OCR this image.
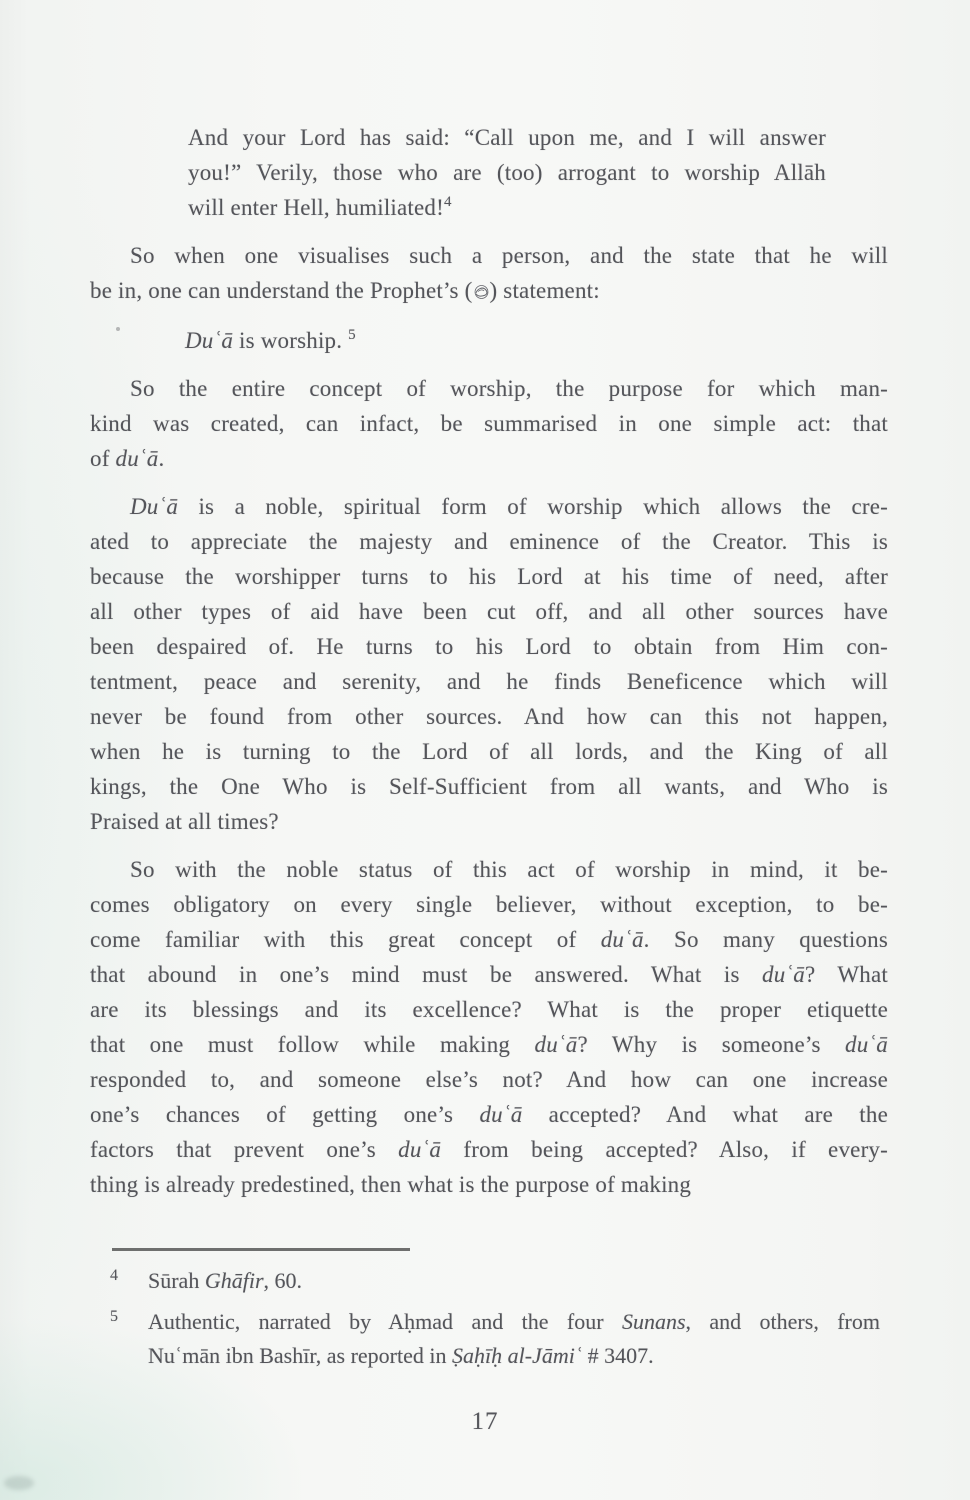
And your Lord has said: “Call upon me, and I will answer
you!” Verily, those who are (too) arrogant to worship Allāh
will enter Hell, humiliated!$^4$
So when one visualises such a person, and the state that he will
be in, one can understand the Prophet’s ( ) statement:
Duʿā is worship. $^5$
So the entire concept of worship, the purpose for which man-
kind was created, can infact, be summarised in one simple act: that
of duʿā.
Duʿā is a noble, spiritual form of worship which allows the cre-
ated to appreciate the majesty and eminence of the Creator. This is
because the worshipper turns to his Lord at his time of need, after
all other types of aid have been cut off, and all other sources have
been despaired of. He turns to his Lord to obtain from Him con-
tentment, peace and serenity, and he finds Beneficence which will
never be found from other sources. And how can this not happen,
when he is turning to the Lord of all lords, and the King of all
kings, the One Who is Self-Sufficient from all wants, and Who is
Praised at all times?
So with the noble status of this act of worship in mind, it be-
comes obligatory on every single believer, without exception, to be-
come familiar with this great concept of duʿā. So many questions
that abound in one’s mind must be answered. What is duʿā? What
are its blessings and its excellence? What is the proper etiquette
that one must follow while making duʿā? Why is someone’s duʿā
responded to, and someone else’s not? And how can one increase
one’s chances of getting one’s duʿā accepted? And what are the
factors that prevent one’s duʿā from being accepted? Also, if every-
thing is already predestined, then what is the purpose of making
4	Sūrah Ghāfir, 60.
5	Authentic, narrated by Aḥmad and the four Sunans, and others, from
Nuʿmān ibn Bashīr, as reported in Ṣaḥīḥ al-Jāmiʿ # 3407.
17
